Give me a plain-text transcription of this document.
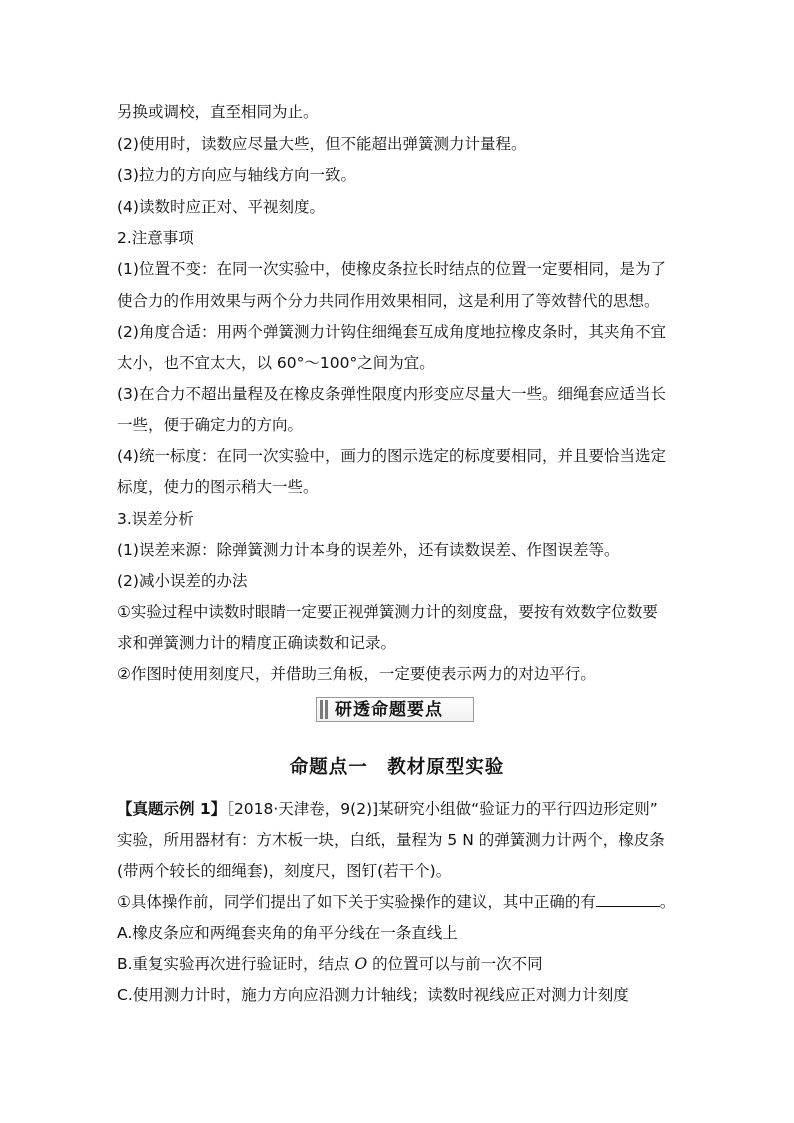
另换或调校，直至相同为止。
(2)使用时，读数应尽量大些，但不能超出弹簧测力计量程。
(3)拉力的方向应与轴线方向一致。
(4)读数时应正对、平视刻度。
2.注意事项
(1)位置不变：在同一次实验中，使橡皮条拉长时结点的位置一定要相同，是为了
使合力的作用效果与两个分力共同作用效果相同，这是利用了等效替代的思想。
(2)角度合适：用两个弹簧测力计钩住细绳套互成角度地拉橡皮条时，其夹角不宜
太小，也不宜太大，以 60°～100°之间为宜。
(3)在合力不超出量程及在橡皮条弹性限度内形变应尽量大一些。细绳套应适当长
一些，便于确定力的方向。
(4)统一标度：在同一次实验中，画力的图示选定的标度要相同，并且要恰当选定
标度，使力的图示稍大一些。
3.误差分析
(1)误差来源：除弹簧测力计本身的误差外，还有读数误差、作图误差等。
(2)减小误差的办法
①实验过程中读数时眼睛一定要正视弹簧测力计的刻度盘，要按有效数字位数要
求和弹簧测力计的精度正确读数和记录。
②作图时使用刻度尺，并借助三角板，一定要使表示两力的对边平行。
研透命题要点
命题点一　教材原型实验
【真题示例 1】［2018·天津卷，9(2)]某研究小组做“验证力的平行四边形定则”
实验，所用器材有：方木板一块，白纸，量程为 5 N 的弹簧测力计两个，橡皮条
(带两个较长的细绳套)，刻度尺，图钉(若干个)。
①具体操作前，同学们提出了如下关于实验操作的建议，其中正确的有	。
A.橡皮条应和两绳套夹角的角平分线在一条直线上
B.重复实验再次进行验证时，结点 O 的位置可以与前一次不同
C.使用测力计时，施力方向应沿测力计轴线；读数时视线应正对测力计刻度
